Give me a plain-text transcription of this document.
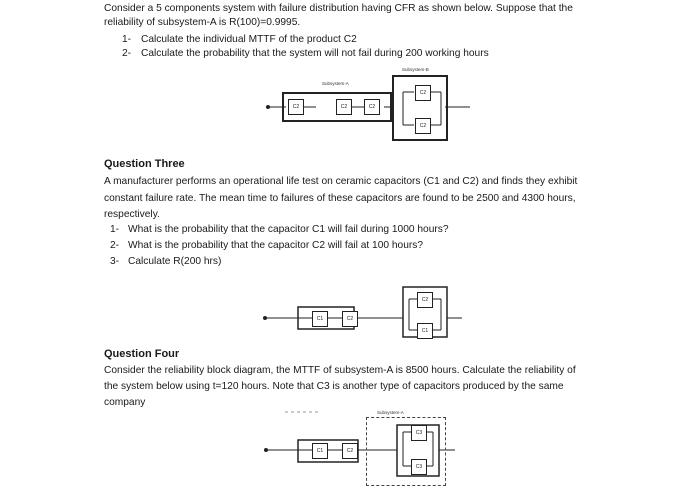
Consider a 5 components system with failure distribution having CFR as shown below. Suppose that the
reliability of subsystem-A is R(100)=0.9995.
1- Calculate the individual MTTF of the product C2
2- Calculate the probability that the system will not fail during 200 working hours
Subsystem-A
C2	C2	C2
Subsystem-B
C2
C2
Question Three
A manufacturer performs an operational life test on ceramic capacitors (C1 and C2) and finds they exhibit
constant failure rate. The mean time to failures of these capacitors are found to be 2500 and 4300 hours,
respectively.
1- What is the probability that the capacitor C1 will fail during 1000 hours?
2- What is the probability that the capacitor C2 will fail at 100 hours?
3- Calculate R(200 hrs)
C1	C2
C2
C1
Question Four
Consider the reliability block diagram, the MTTF of subsystem-A is 8500 hours. Calculate the reliability of
the system below using t=120 hours. Note that C3 is another type of capacitors produced by the same
company
Subsystem-A
C1	C2
C3
C3
